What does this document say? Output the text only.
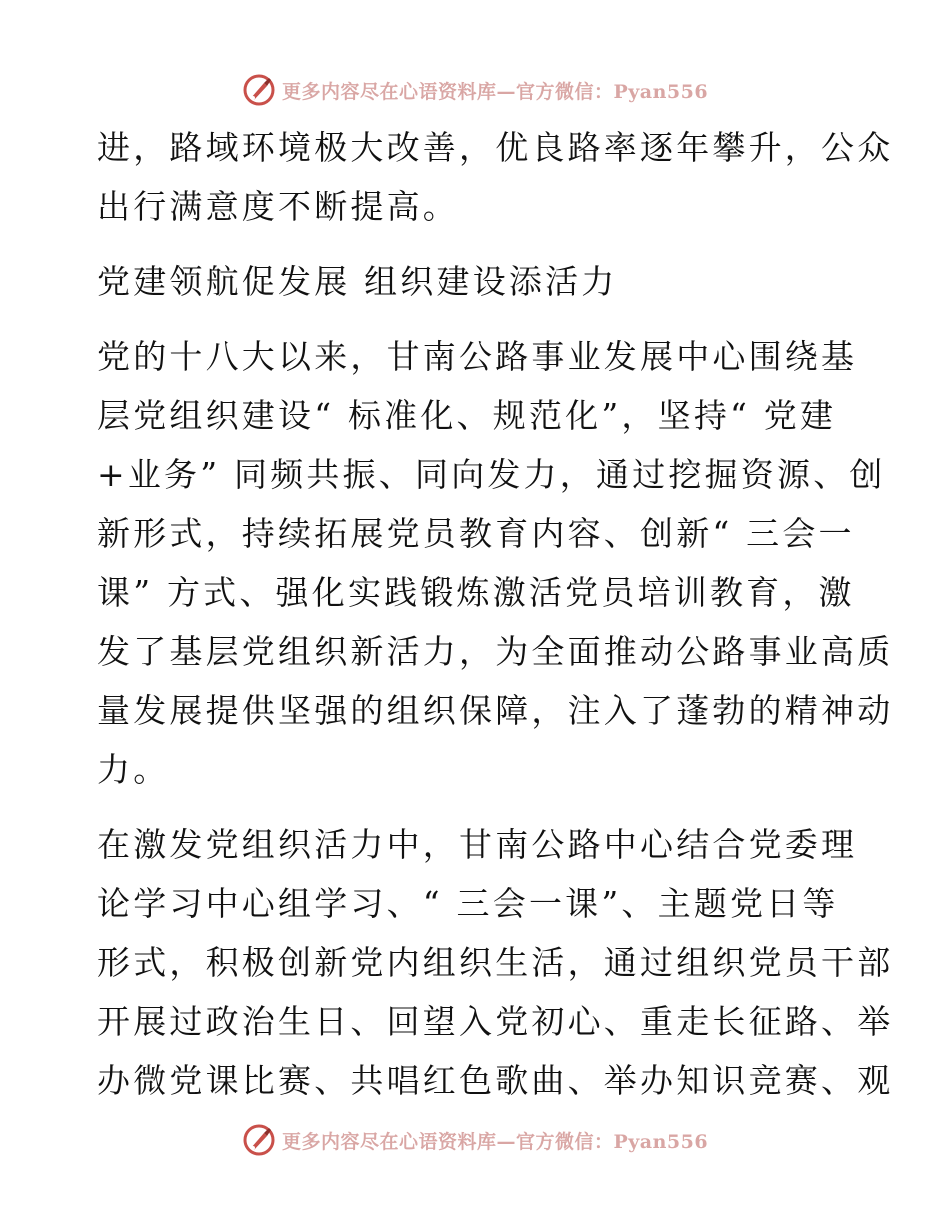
更多内容尽在心语资料库—官方微信：Pyan556

进，路域环境极大改善，优良路率逐年攀升，公众

出行满意度不断提高。

党建领航促发展 组织建设添活力

党的十八大以来，甘南公路事业发展中心围绕基

层党组织建设“ 标准化、规范化”，坚持“ 党建

+业务” 同频共振、同向发力，通过挖掘资源、创

新形式，持续拓展党员教育内容、创新“ 三会一

课” 方式、强化实践锻炼激活党员培训教育，激

发了基层党组织新活力，为全面推动公路事业高质

量发展提供坚强的组织保障，注入了蓬勃的精神动

力。

在激发党组织活力中，甘南公路中心结合党委理

论学习中心组学习、“ 三会一课”、主题党日等

形式，积极创新党内组织生活，通过组织党员干部

开展过政治生日、回望入党初心、重走长征路、举

办微党课比赛、共唱红色歌曲、举办知识竞赛、观

更多内容尽在心语资料库—官方微信：Pyan556
